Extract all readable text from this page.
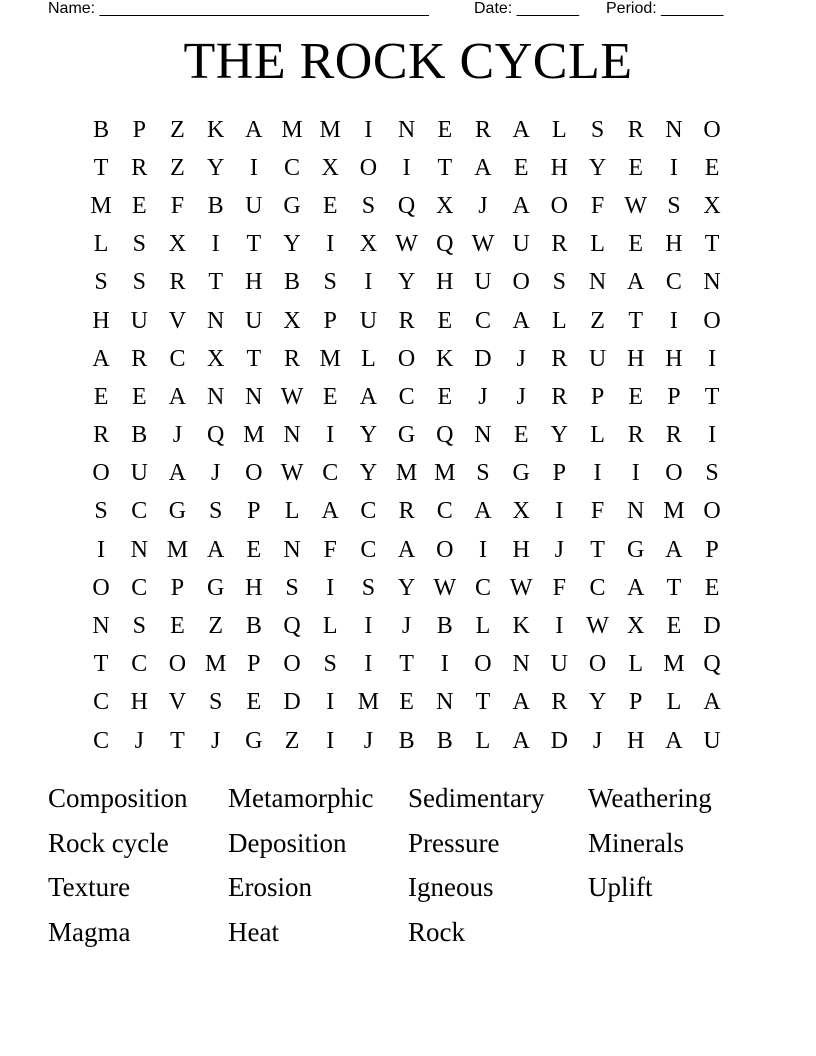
Name: _____________________________________	Date: _______ Period: _______
THE ROCK CYCLE
B P	Z K A M M I	N E R A L	S R N O
T R Z Y	I	C X O	I	T A E H Y E	I	E
M E	F B U G E	S Q X	J	A O F W S X
L	S X	I	T Y	I	X W Q W U R L E H T
S	S R T H B S	I	Y H U O S N A C N
H U V N U X P U R E C A L Z T	I	O
A R C X T R M L O K D	J	R U H H	I
E E A N N W E A C E	J	J	R P	E	P	T
R B	J	Q M N	I	Y G Q N E Y L R R	I
O U A	J	O W C Y M M S G P	I	I	O S
S C G S	P	L A C R C A X	I	F N M O
I	N M A E N F C A O	I	H	J	T G A P
O C P G H S	I	S Y W C W F C A T E
N S	E Z B Q L	I	J	B L K	I W X E D
T C O M P O S	I	T	I	O N U O L M Q
C H V S	E D	I M E N T A R Y P	L A
C	J	T	J	G Z	I	J	B B L A D	J	H A U
Composition	Metamorphic	Sedimentary	Weathering
Rock cycle	Deposition	Pressure	Minerals
Texture	Erosion	Igneous	Uplift
Magma	Heat	Rock
